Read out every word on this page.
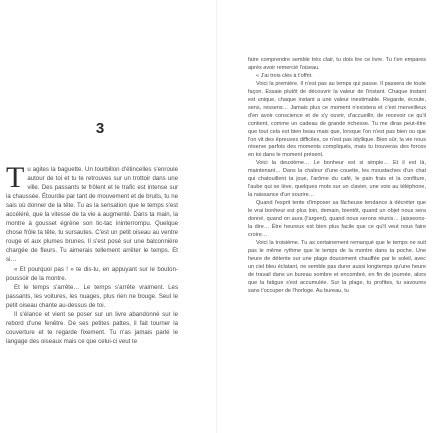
3

Tu agites la baguette. Un tourbillon d'étincelles s'enroule autour de toi et tu te retrouves sur un trottoir dans une ville. Des passants te frôlent et le trafic est intense sur la chaussée. Étourdie par tant de mouvement et de bruits, tu ne sais où donner de la tête. Tu as la sensation que le temps s'est accéléré, que la vitesse de ta vie a augmenté. Dans ta main, la montre à gousset égrène son tic-tac ininterrompu. Quelque chose frôle ta tête, tu sursautes. C'est un petit oiseau au ventre rouge et aux plumes brunes. Il s'est posé sur une balconnière chargée de fleurs. Tu aimerais tellement arrêter le temps. Et si…

« Et pourquoi pas ! » te dis-tu, en appuyant sur le bouton-poussoir de la montre.

Et le temps s'arrête… Le temps s'arrête vraiment. Les passants, les voitures, les nuages, plus rien ne bouge. Seul le petit oiseau chante au-dessus de toi.

Il s'élance et vient se poser sur un livre abandonné sur le rebord d'une fenêtre. De ses petites pattes, il fait tourner la couverture et te regarde fixement. Tu n'as jamais parlé le langage des oiseaux mais ce que celui-ci veut te

faire comprendre semble très clair, tu dois lire ce livre. Tu t'en empares après avoir remercié l'oiseau.

« J'ai trois clés à t'offrir.

Voici la première. Il n'est pas au temps qui passe. Il passera de toute façon. Essaie plutôt de découvrir la valeur de l'instant. Chaque instant est unique, chaque instant a une valeur inestimable. Regarde, écoute, sens, ressens… Jamais plus ce moment n'existera et c'est merveilleux d'en avoir conscience et de s'y ouvrir, d'accueillir, de recevoir ce qu'il contient, comme un cadeau de grande richesse. Tu me diras peut-être que tout cela est bien beau mais que, lorsque l'on n'est pas bien ou que l'on vit des épreuves difficiles, ce n'est pas idyllique. Bien sûr, la vie nous réserve parfois des moments compliqués, mais tu trouveras des forces en toi dans le moment présent.

Voici la deuxième… Le bonheur est si simple… Et il est là, maintenant… Dans la chaleur d'une couette, les moustaches d'un chat qui chatouillent ta joue, l'arôme du café, le pain frais et la confiture, l'aube qui se lève, quelques mots sur un clavier, une voix au téléphone, la naissance d'un sourire…

Quand l'esprit tente d'imposer sa fâcheuse tendance à décréter que le vrai bonheur est plus loin, demain, bientôt, quand un objet nous sera donné, quand on aura (l'argent), quand nous serons réunis… (aisseons-la dire… Être heureux est bien plus facile que ce qu'il veut nous faire croire…

Voici la troisième. Tu as certainement remarqué que le temps ne suit pas le même rythme que le temps de la montre dans ta poche. Une heure de détente sur une plage doucement chauffée par le soleil, avec un ciel bleu éclatant, ne semble pas durer aussi longtemps qu'une heure de travail dans un bureau sombre et encombré, en fin de journée, alors que la fatigue s'est accumulée. Sur la plage, tu profites, tu savoures sans t'occuper de l'horloge. Au bureau, tu
